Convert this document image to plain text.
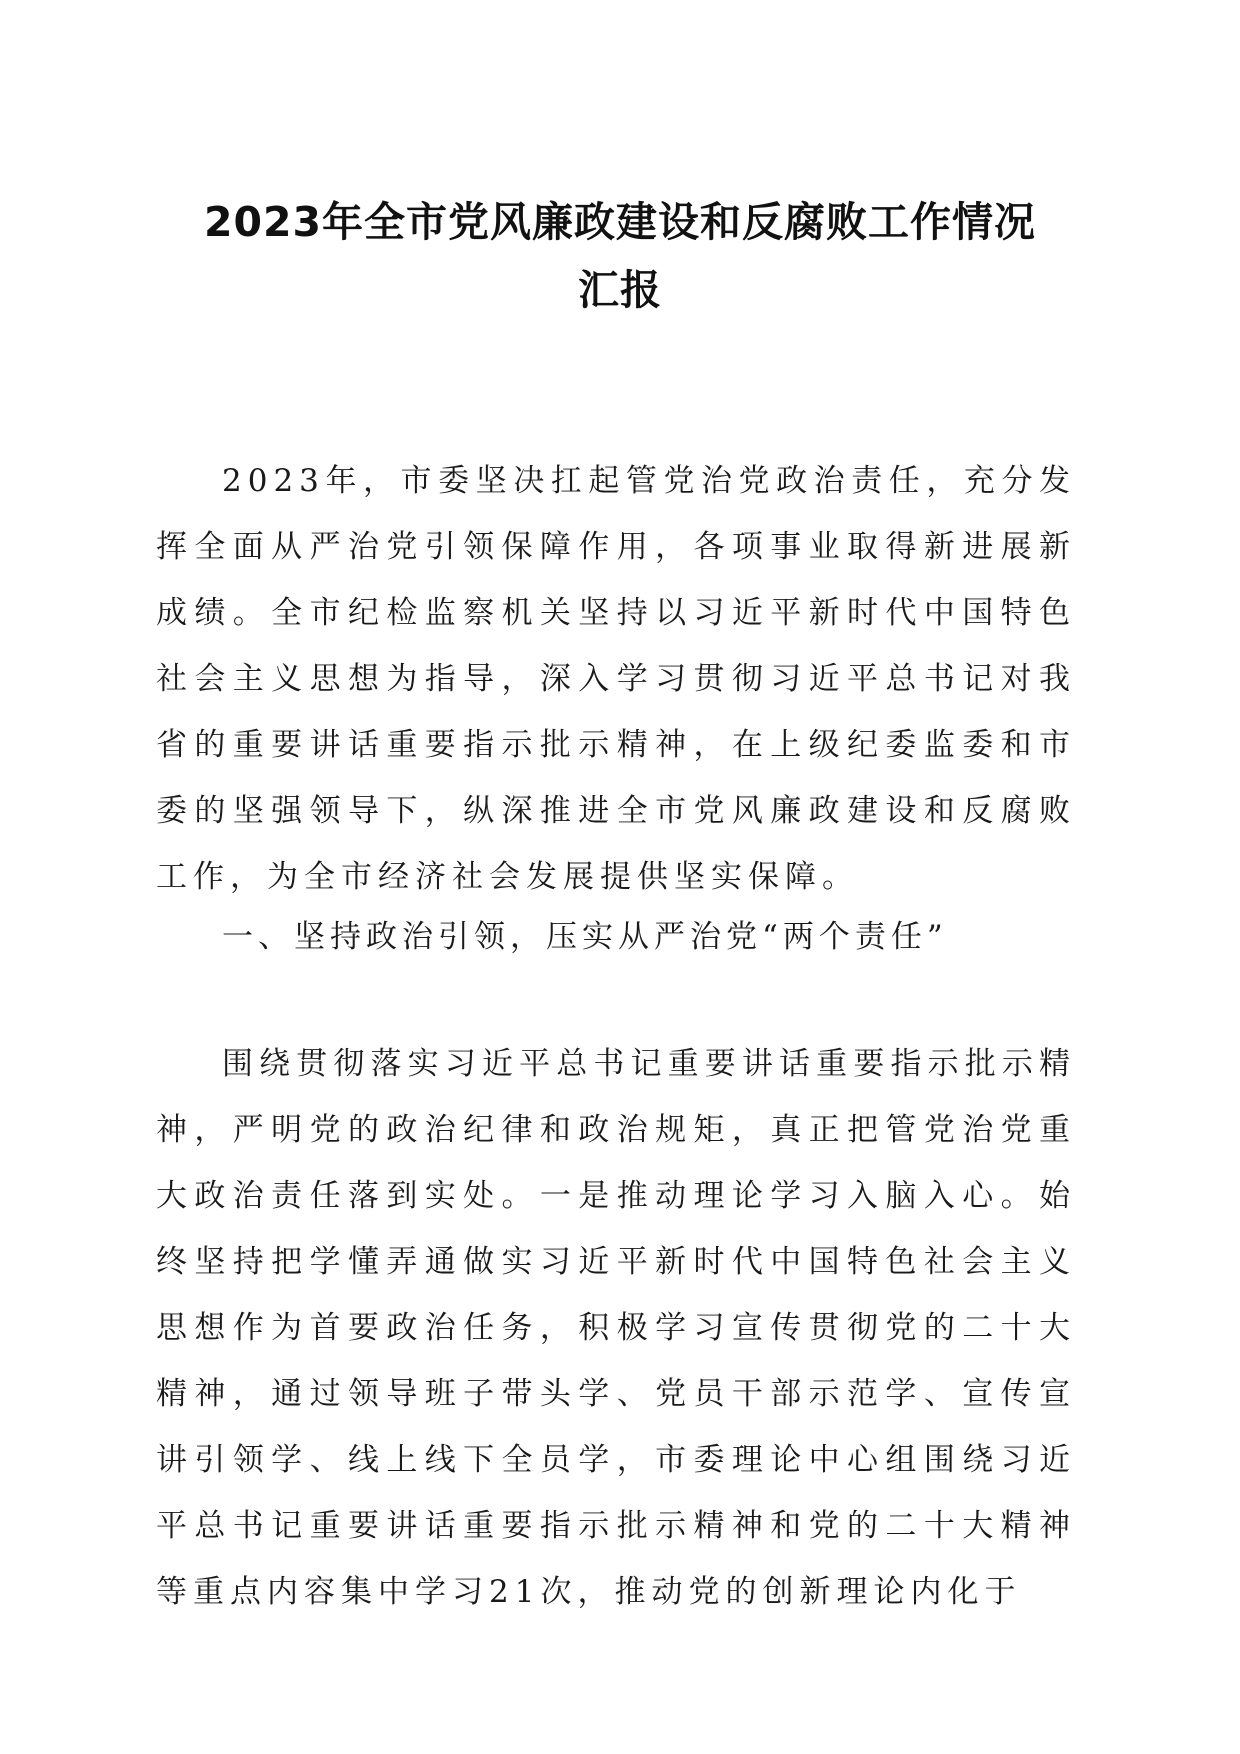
2023年全市党风廉政建设和反腐败工作情况
汇报

2023年，市委坚决扛起管党治党政治责任，充分发挥全面从严治党引领保障作用，各项事业取得新进展新成绩。全市纪检监察机关坚持以习近平新时代中国特色社会主义思想为指导，深入学习贯彻习近平总书记对我省的重要讲话重要指示批示精神，在上级纪委监委和市委的坚强领导下，纵深推进全市党风廉政建设和反腐败工作，为全市经济社会发展提供坚实保障。

一、坚持政治引领，压实从严治党“两个责任”

围绕贯彻落实习近平总书记重要讲话重要指示批示精神，严明党的政治纪律和政治规矩，真正把管党治党重大政治责任落到实处。一是推动理论学习入脑入心。始终坚持把学懂弄通做实习近平新时代中国特色社会主义思想作为首要政治任务，积极学习宣传贯彻党的二十大精神，通过领导班子带头学、党员干部示范学、宣传宣讲引领学、线上线下全员学，市委理论中心组围绕习近平总书记重要讲话重要指示批示精神和党的二十大精神等重点内容集中学习21次，推动党的创新理论内化于
